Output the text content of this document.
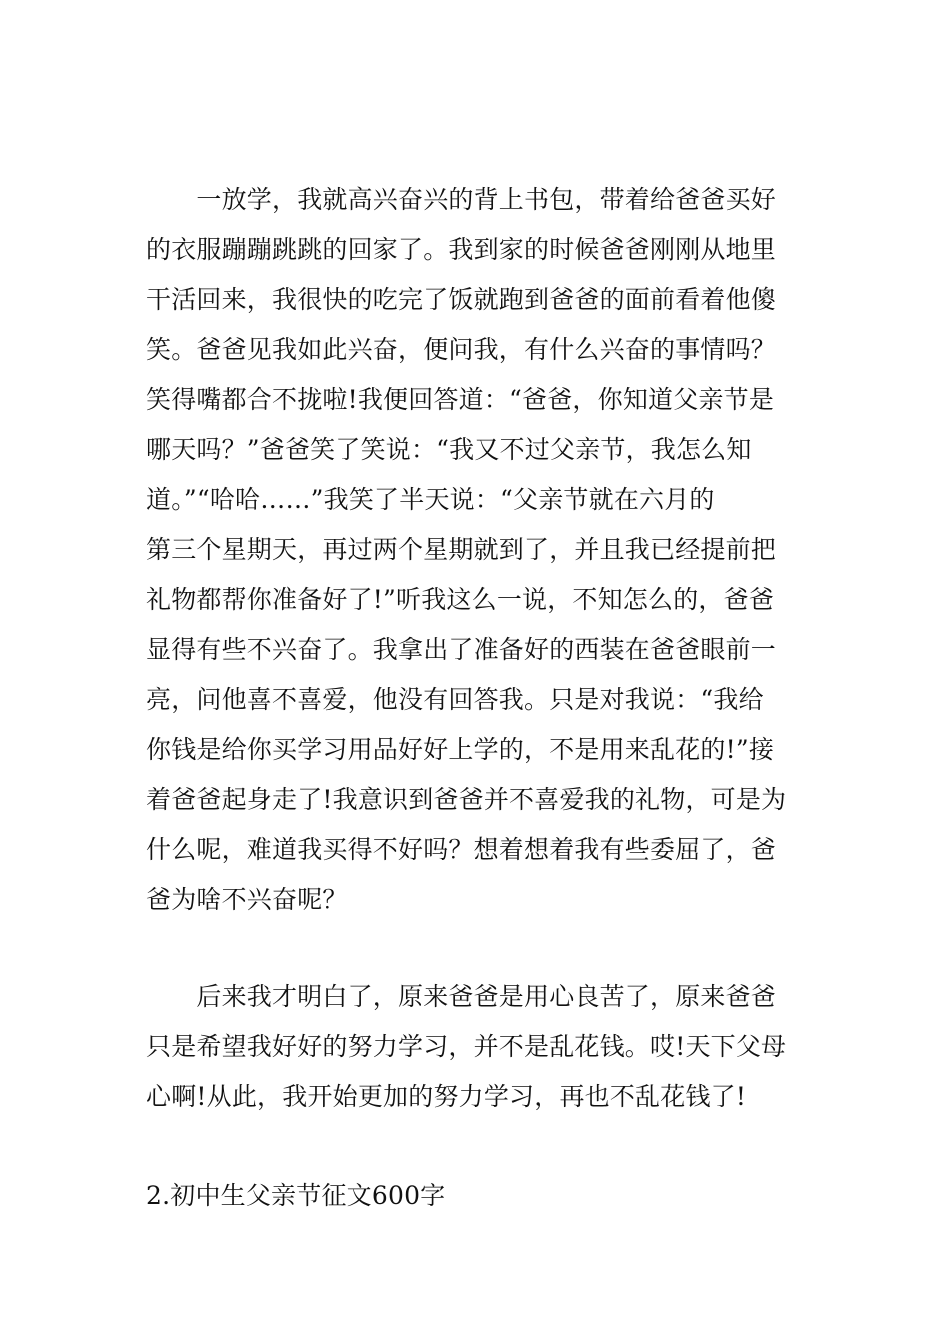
　　一放学，我就高兴奋兴的背上书包，带着给爸爸买好
的衣服蹦蹦跳跳的回家了。我到家的时候爸爸刚刚从地里
干活回来，我很快的吃完了饭就跑到爸爸的面前看着他傻
笑。爸爸见我如此兴奋，便问我，有什么兴奋的事情吗？
笑得嘴都合不拢啦!我便回答道：“爸爸，你知道父亲节是
哪天吗？”爸爸笑了笑说：“我又不过父亲节，我怎么知
道。”“哈哈……”我笑了半天说：“父亲节就在六月的
第三个星期天，再过两个星期就到了，并且我已经提前把
礼物都帮你准备好了!”听我这么一说，不知怎么的，爸爸
显得有些不兴奋了。我拿出了准备好的西装在爸爸眼前一
亮，问他喜不喜爱，他没有回答我。只是对我说：“我给
你钱是给你买学习用品好好上学的，不是用来乱花的!”接
着爸爸起身走了!我意识到爸爸并不喜爱我的礼物，可是为
什么呢，难道我买得不好吗？想着想着我有些委屈了，爸
爸为啥不兴奋呢？
　　后来我才明白了，原来爸爸是用心良苦了，原来爸爸
只是希望我好好的努力学习，并不是乱花钱。哎!天下父母
心啊!从此，我开始更加的努力学习，再也不乱花钱了!
2.初中生父亲节征文600字
